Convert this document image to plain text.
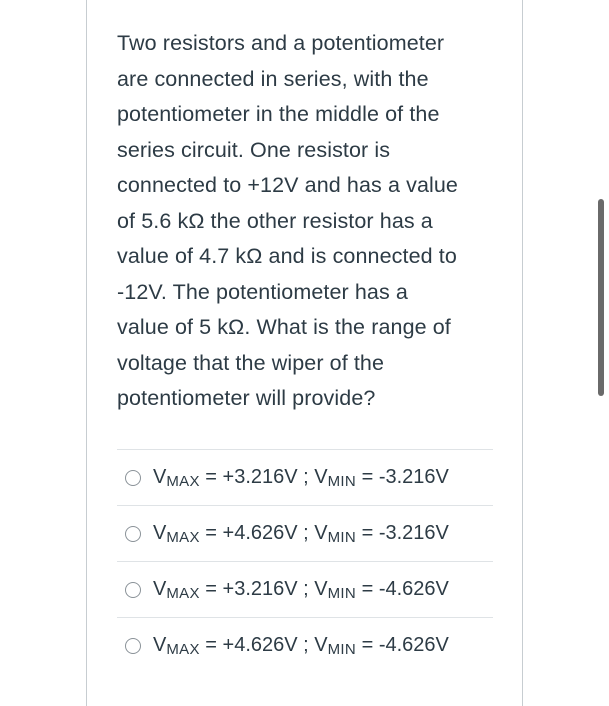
Two resistors and a potentiometer
are connected in series, with the
potentiometer in the middle of the
series circuit. One resistor is
connected to +12V and has a value
of 5.6 kΩ the other resistor has a
value of 4.7 kΩ and is connected to
-12V. The potentiometer has a
value of 5 kΩ. What is the range of
voltage that the wiper of the
potentiometer will provide?
$V_{MAX} = +3.216V$ ; $V_{MIN} = -3.216V$
$V_{MAX} = +4.626V$ ; $V_{MIN} = -3.216V$
$V_{MAX} = +3.216V$ ; $V_{MIN} = -4.626V$
$V_{MAX} = +4.626V$ ; $V_{MIN} = -4.626V$
